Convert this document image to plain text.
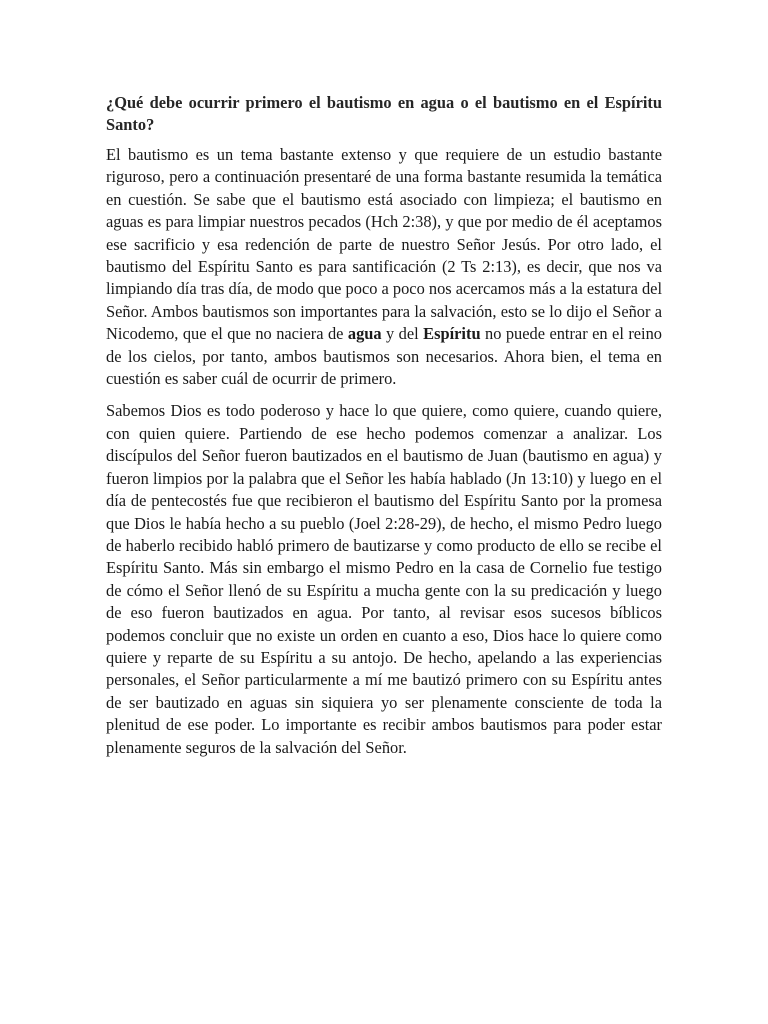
¿Qué debe ocurrir primero el bautismo en agua o el bautismo en el Espíritu Santo?

El bautismo es un tema bastante extenso y que requiere de un estudio bastante riguroso, pero a continuación presentaré de una forma bastante resumida la temática en cuestión. Se sabe que el bautismo está asociado con limpieza; el bautismo en aguas es para limpiar nuestros pecados (Hch 2:38), y que por medio de él aceptamos ese sacrificio y esa redención de parte de nuestro Señor Jesús. Por otro lado, el bautismo del Espíritu Santo es para santificación (2 Ts 2:13), es decir, que nos va limpiando día tras día, de modo que poco a poco nos acercamos más a la estatura del Señor. Ambos bautismos son importantes para la salvación, esto se lo dijo el Señor a Nicodemo, que el que no naciera de agua y del Espíritu no puede entrar en el reino de los cielos, por tanto, ambos bautismos son necesarios. Ahora bien, el tema en cuestión es saber cuál de ocurrir de primero.

Sabemos Dios es todo poderoso y hace lo que quiere, como quiere, cuando quiere, con quien quiere. Partiendo de ese hecho podemos comenzar a analizar. Los discípulos del Señor fueron bautizados en el bautismo de Juan (bautismo en agua) y fueron limpios por la palabra que el Señor les había hablado (Jn 13:10) y luego en el día de pentecostés fue que recibieron el bautismo del Espíritu Santo por la promesa que Dios le había hecho a su pueblo (Joel 2:28-29), de hecho, el mismo Pedro luego de haberlo recibido habló primero de bautizarse y como producto de ello se recibe el Espíritu Santo. Más sin embargo el mismo Pedro en la casa de Cornelio fue testigo de cómo el Señor llenó de su Espíritu a mucha gente con la su predicación y luego de eso fueron bautizados en agua. Por tanto, al revisar esos sucesos bíblicos podemos concluir que no existe un orden en cuanto a eso, Dios hace lo quiere como quiere y reparte de su Espíritu a su antojo. De hecho, apelando a las experiencias personales, el Señor particularmente a mí me bautizó primero con su Espíritu antes de ser bautizado en aguas sin siquiera yo ser plenamente consciente de toda la plenitud de ese poder. Lo importante es recibir ambos bautismos para poder estar plenamente seguros de la salvación del Señor.
